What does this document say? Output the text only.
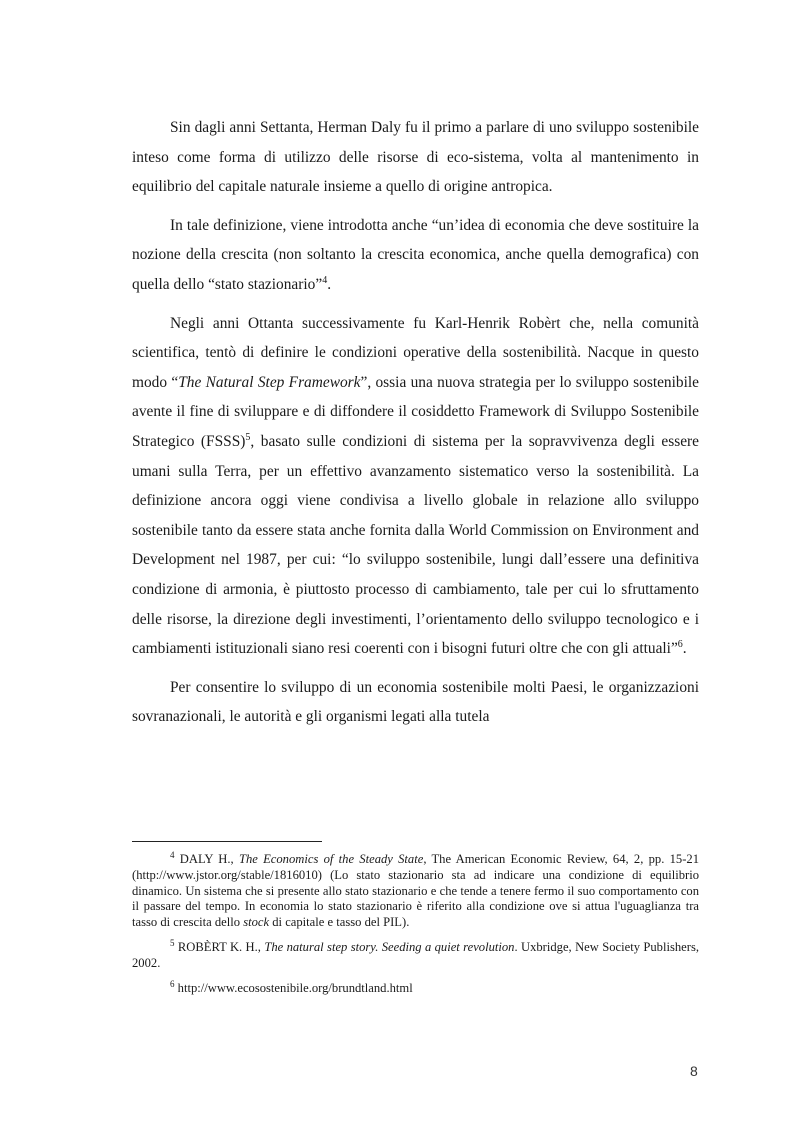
Sin dagli anni Settanta, Herman Daly fu il primo a parlare di uno sviluppo sostenibile inteso come forma di utilizzo delle risorse di eco-sistema, volta al mantenimento in equilibrio del capitale naturale insieme a quello di origine antropica.

In tale definizione, viene introdotta anche “un’idea di economia che deve sostituire la nozione della crescita (non soltanto la crescita economica, anche quella demografica) con quella dello “stato stazionario”$^4$.

Negli anni Ottanta successivamente fu Karl-Henrik Robèrt che, nella comunità scientifica, tentò di definire le condizioni operative della sostenibilità. Nacque in questo modo “The Natural Step Framework”, ossia una nuova strategia per lo sviluppo sostenibile avente il fine di sviluppare e di diffondere il cosiddetto Framework di Sviluppo Sostenibile Strategico (FSSS)$^5$, basato sulle condizioni di sistema per la sopravvivenza degli essere umani sulla Terra, per un effettivo avanzamento sistematico verso la sostenibilità. La definizione ancora oggi viene condivisa a livello globale in relazione allo sviluppo sostenibile tanto da essere stata anche fornita dalla World Commission on Environment and Development nel 1987, per cui: “lo sviluppo sostenibile, lungi dall’essere una definitiva condizione di armonia, è piuttosto processo di cambiamento, tale per cui lo sfruttamento delle risorse, la direzione degli investimenti, l’orientamento dello sviluppo tecnologico e i cambiamenti istituzionali siano resi coerenti con i bisogni futuri oltre che con gli attuali”$^6$.

Per consentire lo sviluppo di un economia sostenibile molti Paesi, le organizzazioni sovranazionali, le autorità e gli organismi legati alla tutela

$^4$ DALY H., The Economics of the Steady State, The American Economic Review, 64, 2, pp. 15-21 (http://www.jstor.org/stable/1816010) (Lo stato stazionario sta ad indicare una condizione di equilibrio dinamico. Un sistema che si presente allo stato stazionario e che tende a tenere fermo il suo comportamento con il passare del tempo. In economia lo stato stazionario è riferito alla condizione ove si attua l'uguaglianza tra tasso di crescita dello stock di capitale e tasso del PIL).

$^5$ ROBÈRT K. H., The natural step story. Seeding a quiet revolution. Uxbridge, New Society Publishers, 2002.

$^6$ http://www.ecosostenibile.org/brundtland.html

8
